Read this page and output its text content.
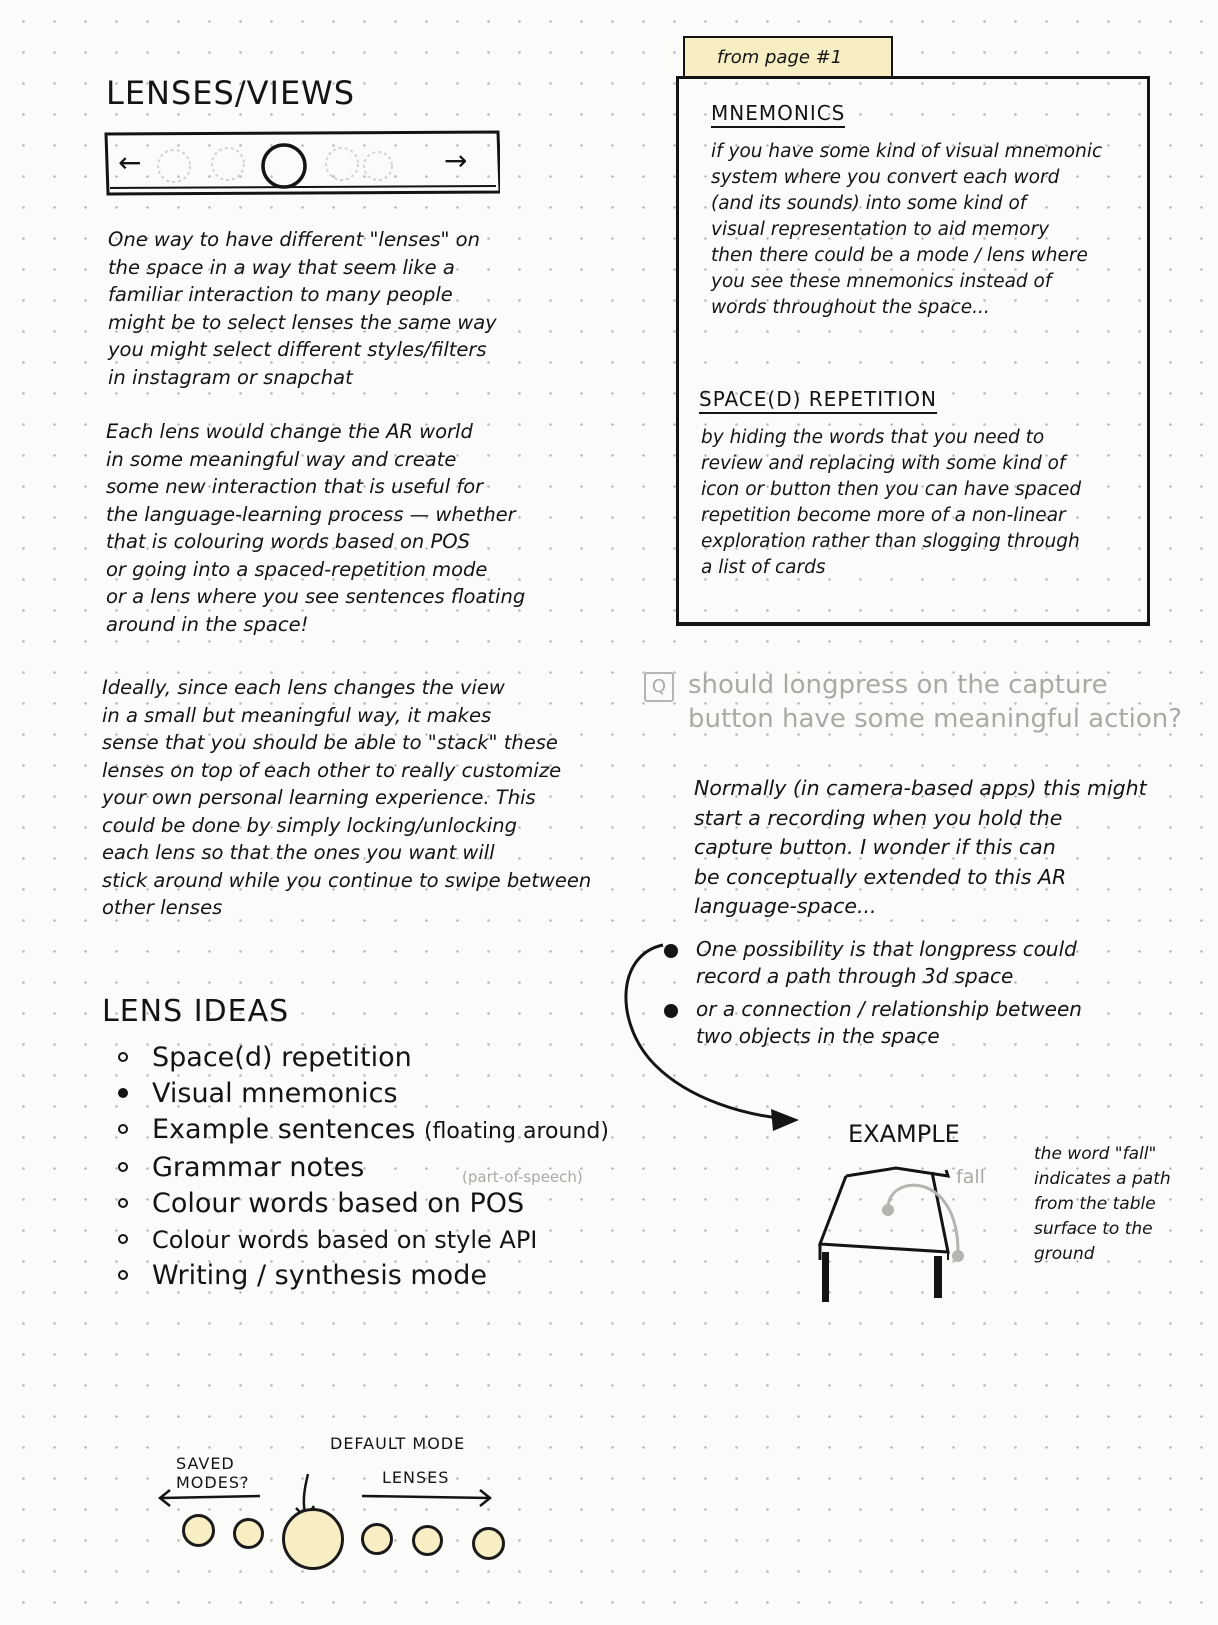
LENSES/VIEWS
←	→
One way to have different "lenses" on
the space in a way that seem like a
familiar interaction to many people
might be to select lenses the same way
you might select different styles/filters
in instagram or snapchat
Each lens would change the AR world
in some meaningful way and create
some new interaction that is useful for
the language-learning process — whether
that is colouring words based on POS
or going into a spaced-repetition mode
or a lens where you see sentences floating
around in the space!
Ideally, since each lens changes the view
in a small but meaningful way, it makes
sense that you should be able to "stack" these
lenses on top of each other to really customize
your own personal learning experience. This
could be done by simply locking/unlocking
each lens so that the ones you want will
stick around while you continue to swipe between
other lenses
LENS IDEAS
Space(d) repetition
Visual mnemonics
Example sentences (floating around)
Grammar notes
Colour words based on POS
Colour words based on style API
Writing / synthesis mode
(part-of-speech)
from page #1
MNEMONICS
if you have some kind of visual mnemonic
system where you convert each word
(and its sounds) into some kind of
visual representation to aid memory
then there could be a mode / lens where
you see these mnemonics instead of
words throughout the space...
SPACE(D) REPETITION
by hiding the words that you need to
review and replacing with some kind of
icon or button then you can have spaced
repetition become more of a non-linear
exploration rather than slogging through
a list of cards
Q should longpress on the capture
button have some meaningful action?
Normally (in camera-based apps) this might
start a recording when you hold the
capture button. I wonder if this can
be conceptually extended to this AR
language-space...
One possibility is that longpress could
record a path through 3d space
or a connection / relationship between
two objects in the space
EXAMPLE
fall
the word "fall"
indicates a path
from the table
surface to the
ground
SAVED
MODES?
DEFAULT MODE
LENSES
